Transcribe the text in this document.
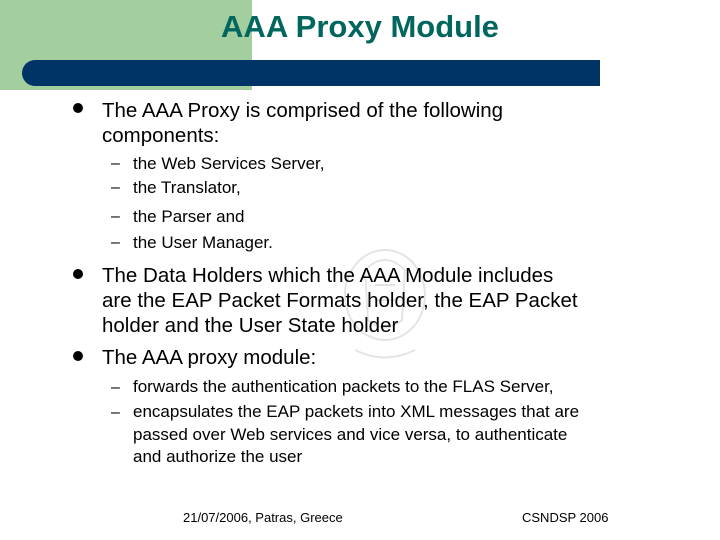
AAA Proxy Module
The AAA Proxy is comprised of the following
components:
– the Web Services Server,
– the Translator,
– the Parser and
– the User Manager.
The Data Holders which the AAA Module includes
are the EAP Packet Formats holder, the EAP Packet
holder and the User State holder
The AAA proxy module:
– forwards the authentication packets to the FLAS Server,
– encapsulates the EAP packets into XML messages that are
passed over Web services and vice versa, to authenticate
and authorize the user
21/07/2006, Patras, Greece	CSNDSP 2006
